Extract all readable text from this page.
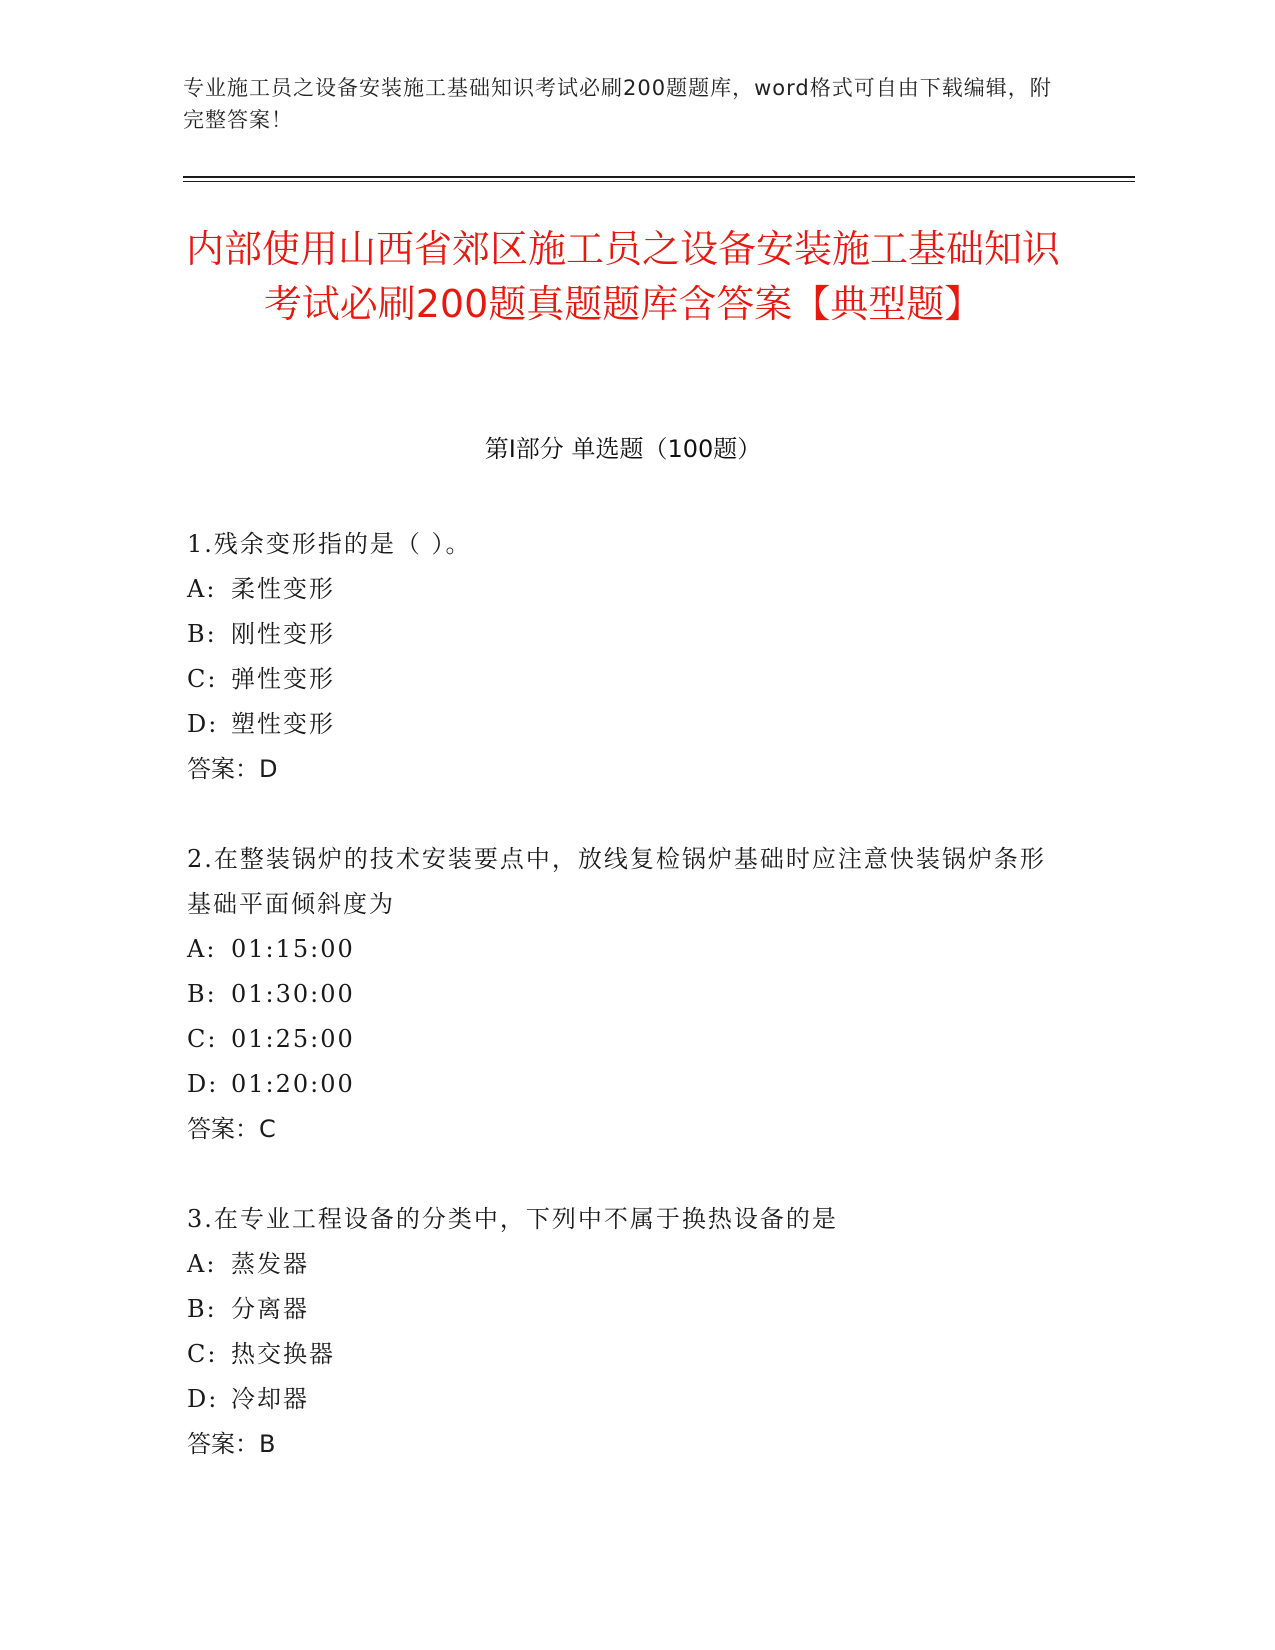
专业施工员之设备安装施工基础知识考试必刷200题题库，word格式可自由下载编辑，附完整答案！
内部使用山西省郊区施工员之设备安装施工基础知识考试必刷200题真题题库含答案【典型题】
第I部分 单选题（100题）

1.残余变形指的是（ ）。

A: 柔性变形

B: 刚性变形

C: 弹性变形

D: 塑性变形

答案：D

2.在整装锅炉的技术安装要点中，放线复检锅炉基础时应注意快装锅炉条形基础平面倾斜度为

A: 01:15:00

B: 01:30:00

C: 01:25:00

D: 01:20:00

答案：C

3.在专业工程设备的分类中，下列中不属于换热设备的是

A: 蒸发器

B: 分离器

C: 热交换器

D: 冷却器

答案：B
